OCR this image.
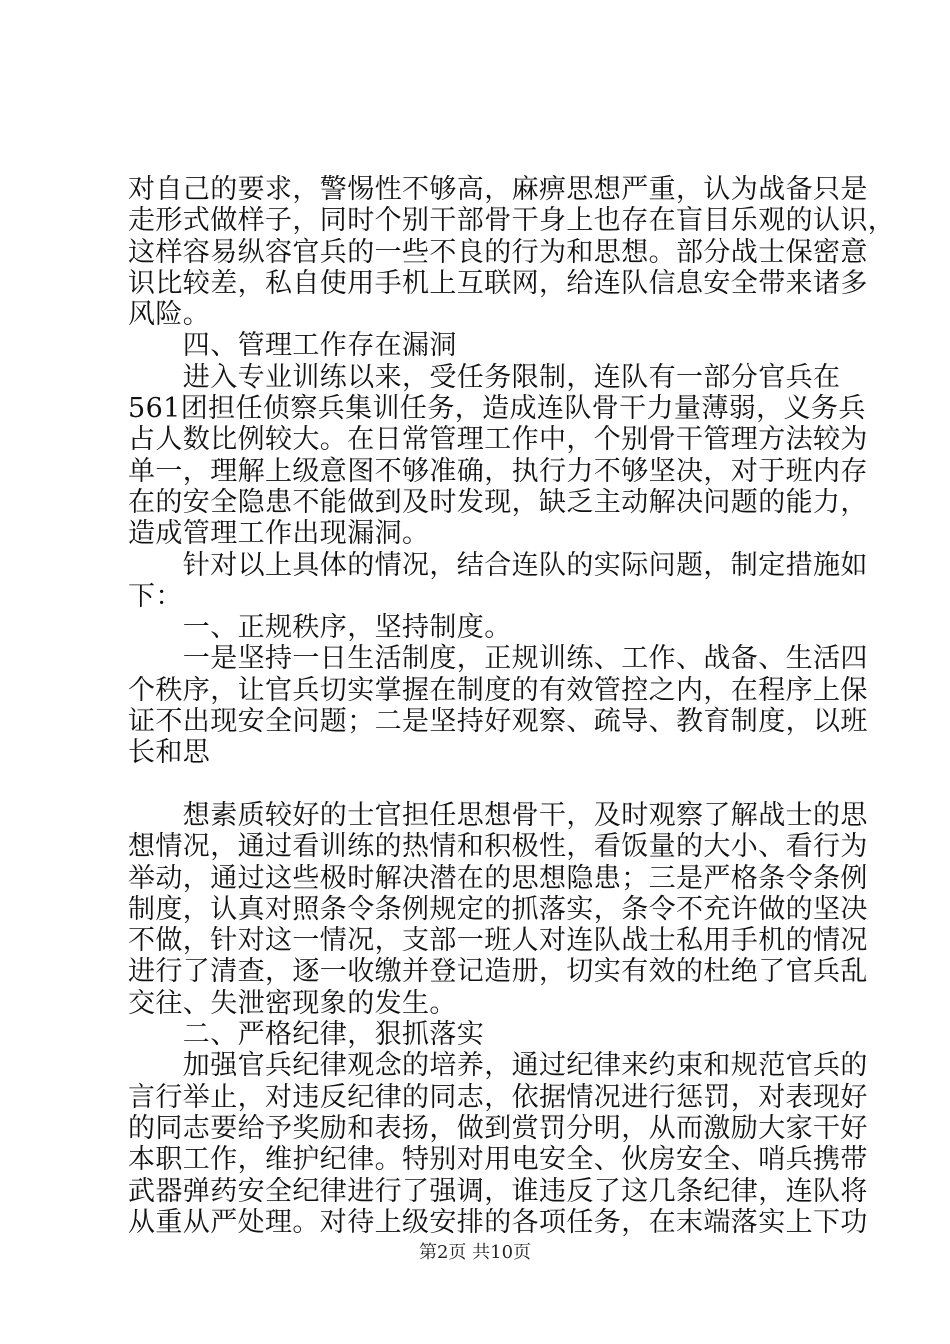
对自己的要求，警惕性不够高，麻痹思想严重，认为战备只是
走形式做样子，同时个别干部骨干身上也存在盲目乐观的认识，
这样容易纵容官兵的一些不良的行为和思想。部分战士保密意
识比较差，私自使用手机上互联网，给连队信息安全带来诸多
风险。
　　四、管理工作存在漏洞
　　进入专业训练以来，受任务限制，连队有一部分官兵在
561团担任侦察兵集训任务，造成连队骨干力量薄弱，义务兵
占人数比例较大。在日常管理工作中，个别骨干管理方法较为
单一，理解上级意图不够准确，执行力不够坚决，对于班内存
在的安全隐患不能做到及时发现，缺乏主动解决问题的能力，
造成管理工作出现漏洞。
　　针对以上具体的情况，结合连队的实际问题，制定措施如
下：
　　一、正规秩序，坚持制度。
　　一是坚持一日生活制度，正规训练、工作、战备、生活四
个秩序，让官兵切实掌握在制度的有效管控之内，在程序上保
证不出现安全问题；二是坚持好观察、疏导、教育制度，以班
长和思
　　想素质较好的士官担任思想骨干，及时观察了解战士的思
想情况，通过看训练的热情和积极性，看饭量的大小、看行为
举动，通过这些极时解决潜在的思想隐患；三是严格条令条例
制度，认真对照条令条例规定的抓落实，条令不充许做的坚决
不做，针对这一情况，支部一班人对连队战士私用手机的情况
进行了清查，逐一收缴并登记造册，切实有效的杜绝了官兵乱
交往、失泄密现象的发生。
　　二、严格纪律，狠抓落实
　　加强官兵纪律观念的培养，通过纪律来约束和规范官兵的
言行举止，对违反纪律的同志，依据情况进行惩罚，对表现好
的同志要给予奖励和表扬，做到赏罚分明，从而激励大家干好
本职工作，维护纪律。特别对用电安全、伙房安全、哨兵携带
武器弹药安全纪律进行了强调，谁违反了这几条纪律，连队将
从重从严处理。对待上级安排的各项任务，在末端落实上下功
第2页 共10页
